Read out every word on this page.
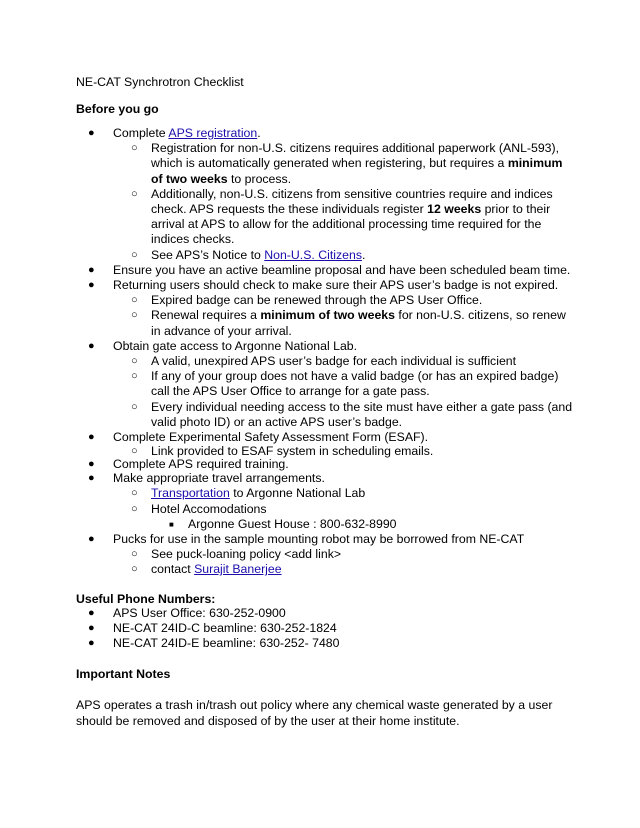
NE-CAT Synchrotron Checklist
Before you go
● Complete APS registration.
○ Registration for non-U.S. citizens requires additional paperwork (ANL-593), which is automatically generated when registering, but requires a minimum of two weeks to process.
○ Additionally, non-U.S. citizens from sensitive countries require and indices check. APS requests the these individuals register 12 weeks prior to their arrival at APS to allow for the additional processing time required for the indices checks.
○ See APS’s Notice to Non-U.S. Citizens.
● Ensure you have an active beamline proposal and have been scheduled beam time.
● Returning users should check to make sure their APS user’s badge is not expired.
○ Expired badge can be renewed through the APS User Office.
○ Renewal requires a minimum of two weeks for non-U.S. citizens, so renew in advance of your arrival.
● Obtain gate access to Argonne National Lab.
○ A valid, unexpired APS user’s badge for each individual is sufficient
○ If any of your group does not have a valid badge (or has an expired badge) call the APS User Office to arrange for a gate pass.
○ Every individual needing access to the site must have either a gate pass (and valid photo ID) or an active APS user’s badge.
● Complete Experimental Safety Assessment Form (ESAF).
○ Link provided to ESAF system in scheduling emails.
● Complete APS required training.
● Make appropriate travel arrangements.
○ Transportation to Argonne National Lab
○ Hotel Accomodations
■ Argonne Guest House : 800-632-8990
● Pucks for use in the sample mounting robot may be borrowed from NE-CAT
○ See puck-loaning policy <add link>
○ contact Surajit Banerjee
Useful Phone Numbers:
● APS User Office: 630-252-0900
● NE-CAT 24ID-C beamline: 630-252-1824
● NE-CAT 24ID-E beamline: 630-252- 7480
Important Notes
APS operates a trash in/trash out policy where any chemical waste generated by a user should be removed and disposed of by the user at their home institute.
